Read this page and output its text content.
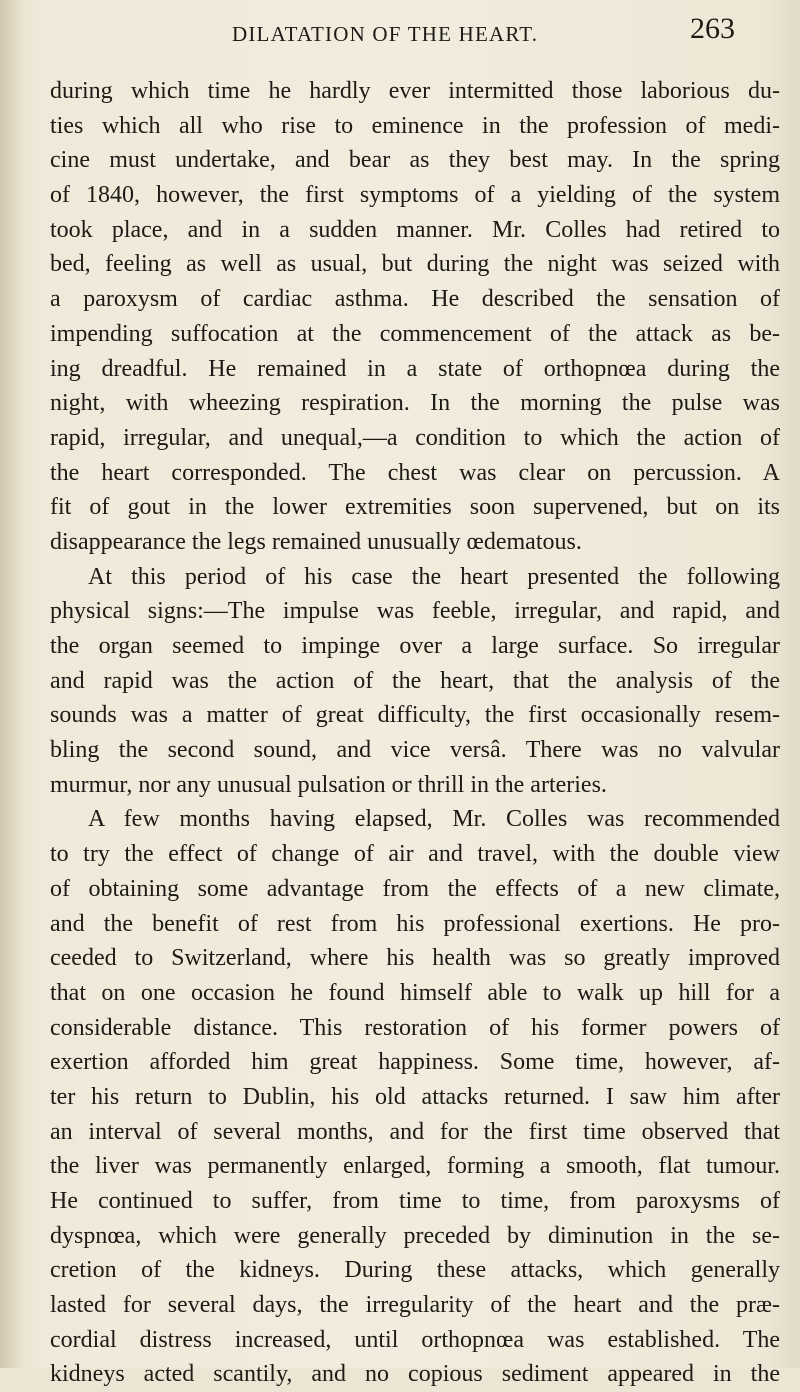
DILATATION OF THE HEART.	263
during which time he hardly ever intermitted those laborious du-
ties which all who rise to eminence in the profession of medi-
cine must undertake, and bear as they best may. In the spring
of 1840, however, the first symptoms of a yielding of the system
took place, and in a sudden manner. Mr. Colles had retired to
bed, feeling as well as usual, but during the night was seized with
a paroxysm of cardiac asthma. He described the sensation of
impending suffocation at the commencement of the attack as be-
ing dreadful. He remained in a state of orthopnœa during the
night, with wheezing respiration. In the morning the pulse was
rapid, irregular, and unequal,—a condition to which the action of
the heart corresponded. The chest was clear on percussion. A
fit of gout in the lower extremities soon supervened, but on its
disappearance the legs remained unusually œdematous.
At this period of his case the heart presented the following
physical signs:—The impulse was feeble, irregular, and rapid, and
the organ seemed to impinge over a large surface. So irregular
and rapid was the action of the heart, that the analysis of the
sounds was a matter of great difficulty, the first occasionally resem-
bling the second sound, and vice versâ. There was no valvular
murmur, nor any unusual pulsation or thrill in the arteries.
A few months having elapsed, Mr. Colles was recommended
to try the effect of change of air and travel, with the double view
of obtaining some advantage from the effects of a new climate,
and the benefit of rest from his professional exertions. He pro-
ceeded to Switzerland, where his health was so greatly improved
that on one occasion he found himself able to walk up hill for a
considerable distance. This restoration of his former powers of
exertion afforded him great happiness. Some time, however, af-
ter his return to Dublin, his old attacks returned. I saw him after
an interval of several months, and for the first time observed that
the liver was permanently enlarged, forming a smooth, flat tumour.
He continued to suffer, from time to time, from paroxysms of
dyspnœa, which were generally preceded by diminution in the se-
cretion of the kidneys. During these attacks, which generally
lasted for several days, the irregularity of the heart and the præ-
cordial distress increased, until orthopnœa was established. The
kidneys acted scantily, and no copious sediment appeared in the
